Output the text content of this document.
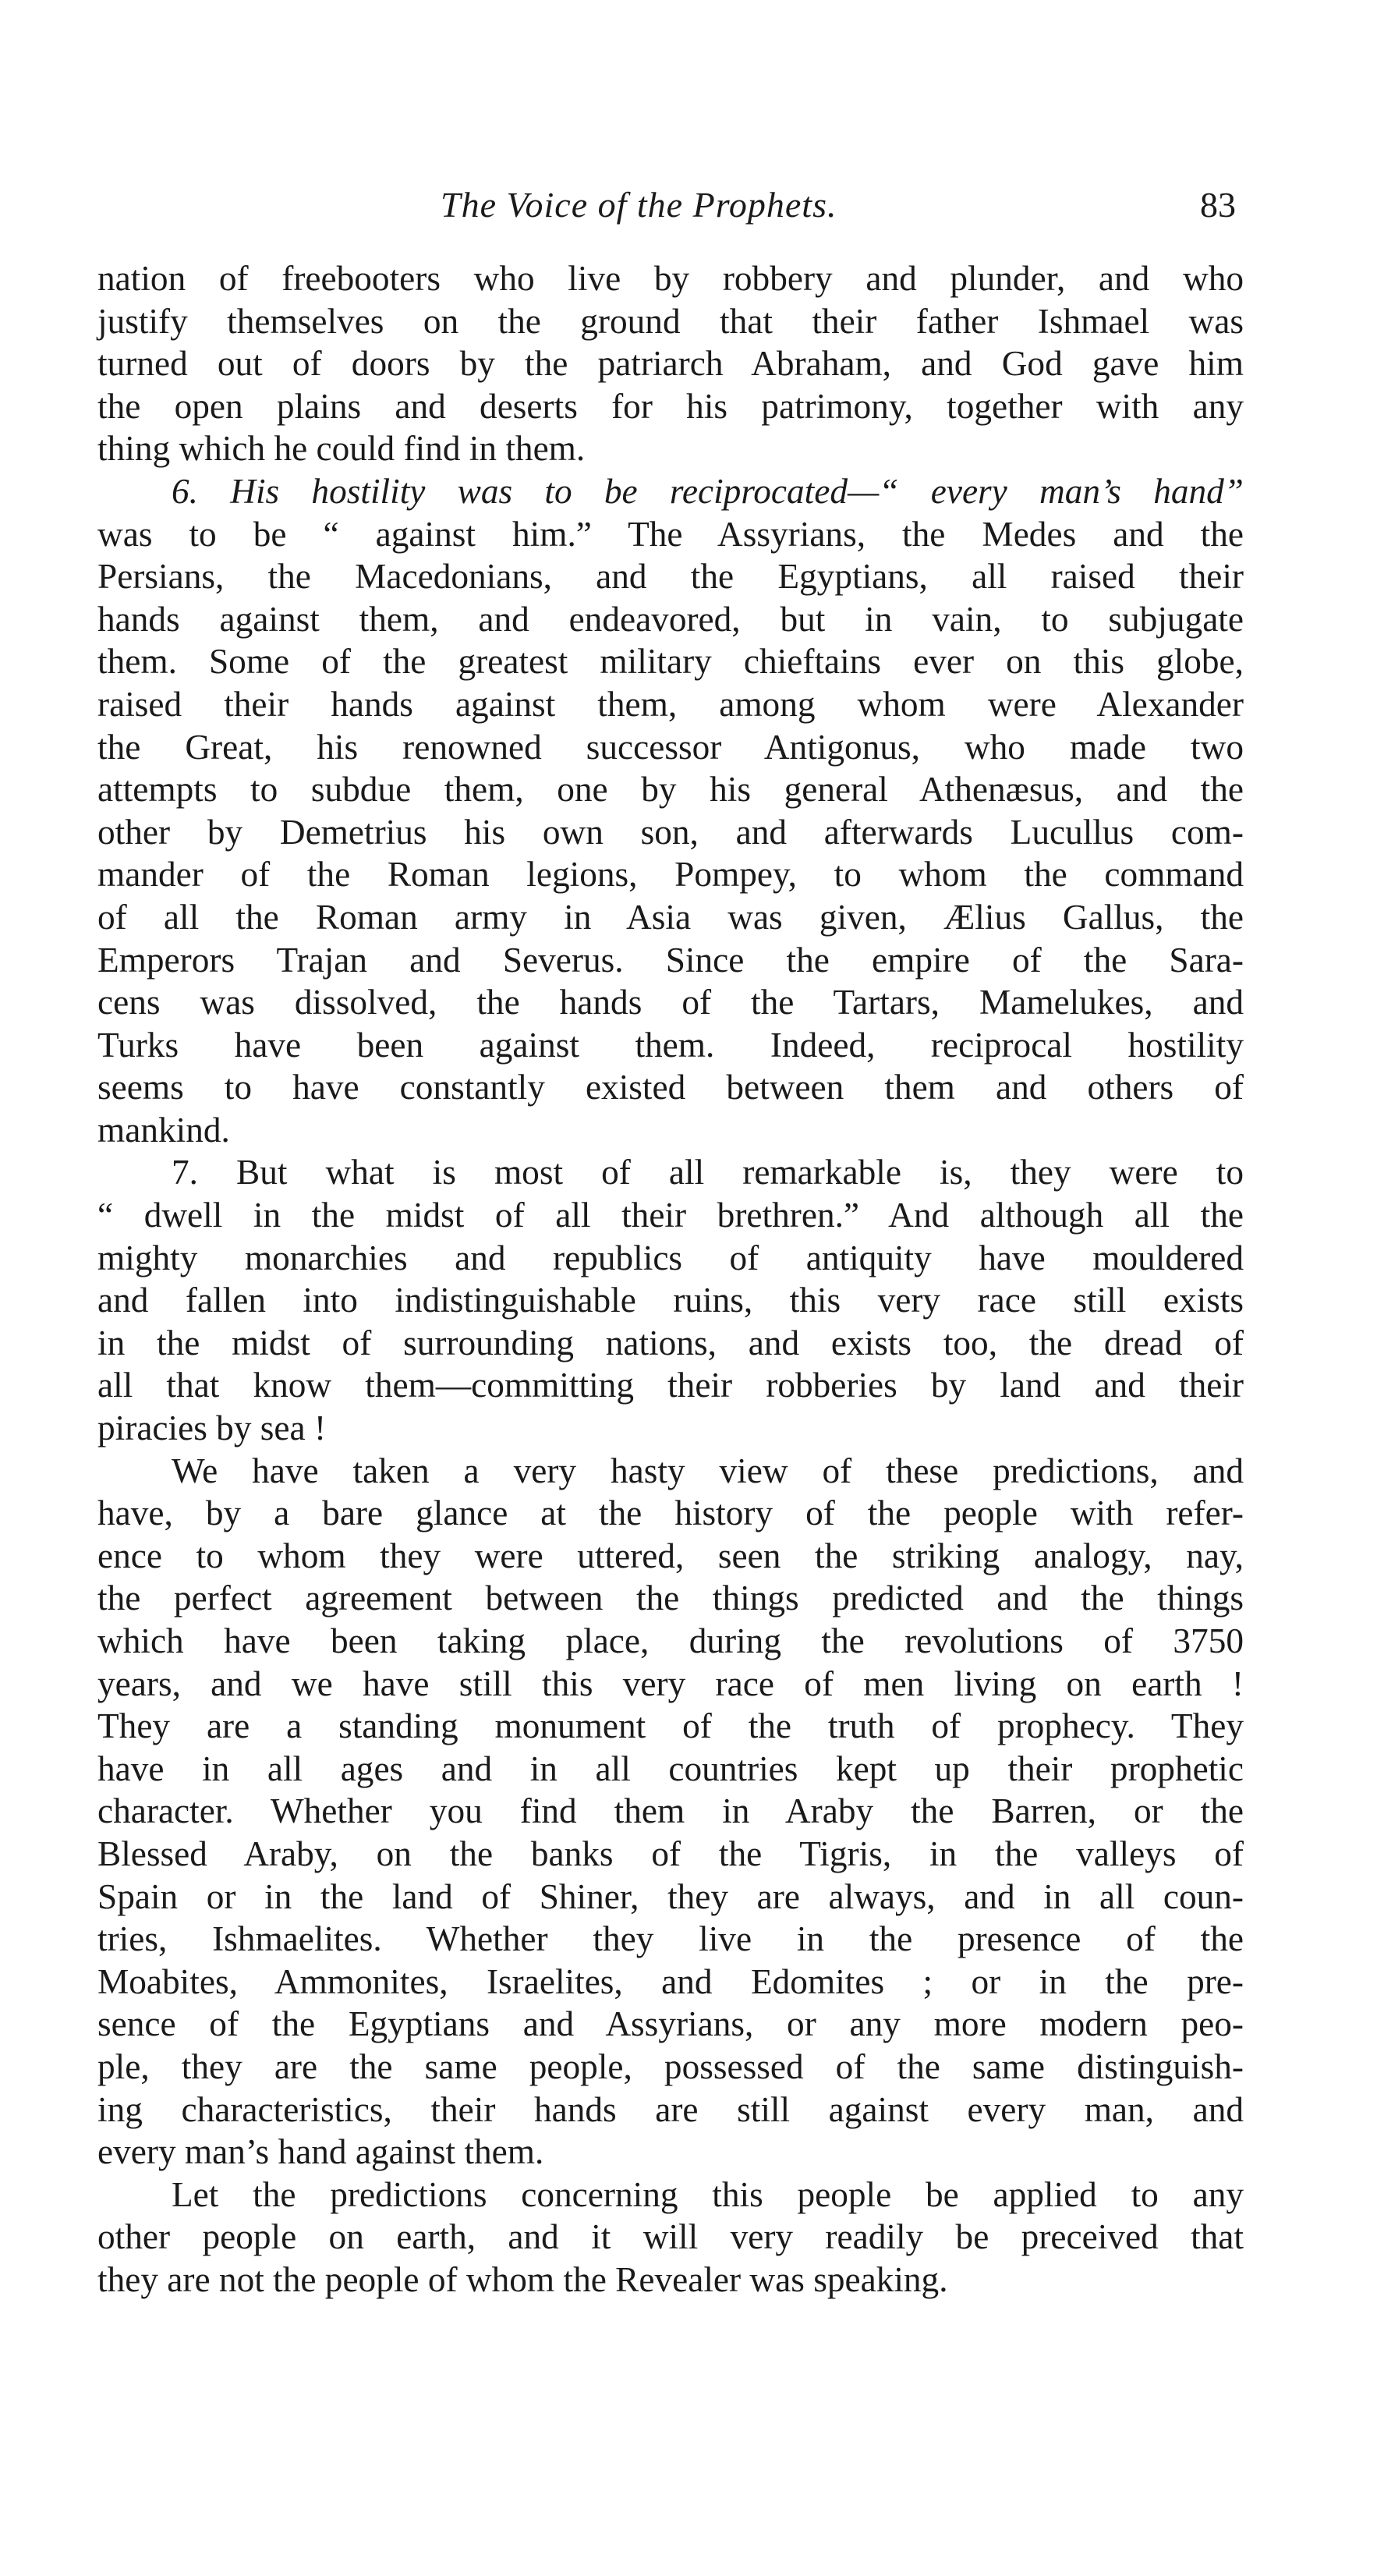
The Voice of the Prophets.	83

nation of freebooters who live by robbery and plunder, and who
justify themselves on the ground that their father Ishmael was
turned out of doors by the patriarch Abraham, and God gave him
the open plains and deserts for his patrimony, together with any
thing which he could find in them.

6. His hostility was to be reciprocated—“ every man’s hand”
was to be “ against him.” The Assyrians, the Medes and the
Persians, the Macedonians, and the Egyptians, all raised their
hands against them, and endeavored, but in vain, to subjugate
them. Some of the greatest military chieftains ever on this globe,
raised their hands against them, among whom were Alexander
the Great, his renowned successor Antigonus, who made two
attempts to subdue them, one by his general Athenæsus, and the
other by Demetrius his own son, and afterwards Lucullus com-
mander of the Roman legions, Pompey, to whom the command
of all the Roman army in Asia was given, Ælius Gallus, the
Emperors Trajan and Severus. Since the empire of the Sara-
cens was dissolved, the hands of the Tartars, Mamelukes, and
Turks have been against them. Indeed, reciprocal hostility
seems to have constantly existed between them and others of
mankind.

7. But what is most of all remarkable is, they were to
“ dwell in the midst of all their brethren.” And although all the
mighty monarchies and republics of antiquity have mouldered
and fallen into indistinguishable ruins, this very race still exists
in the midst of surrounding nations, and exists too, the dread of
all that know them—committing their robberies by land and their
piracies by sea !

We have taken a very hasty view of these predictions, and
have, by a bare glance at the history of the people with refer-
ence to whom they were uttered, seen the striking analogy, nay,
the perfect agreement between the things predicted and the things
which have been taking place, during the revolutions of 3750
years, and we have still this very race of men living on earth !
They are a standing monument of the truth of prophecy. They
have in all ages and in all countries kept up their prophetic
character. Whether you find them in Araby the Barren, or the
Blessed Araby, on the banks of the Tigris, in the valleys of
Spain or in the land of Shiner, they are always, and in all coun-
tries, Ishmaelites. Whether they live in the presence of the
Moabites, Ammonites, Israelites, and Edomites ; or in the pre-
sence of the Egyptians and Assyrians, or any more modern peo-
ple, they are the same people, possessed of the same distinguish-
ing characteristics, their hands are still against every man, and
every man’s hand against them.

Let the predictions concerning this people be applied to any
other people on earth, and it will very readily be preceived that
they are not the people of whom the Revealer was speaking.
